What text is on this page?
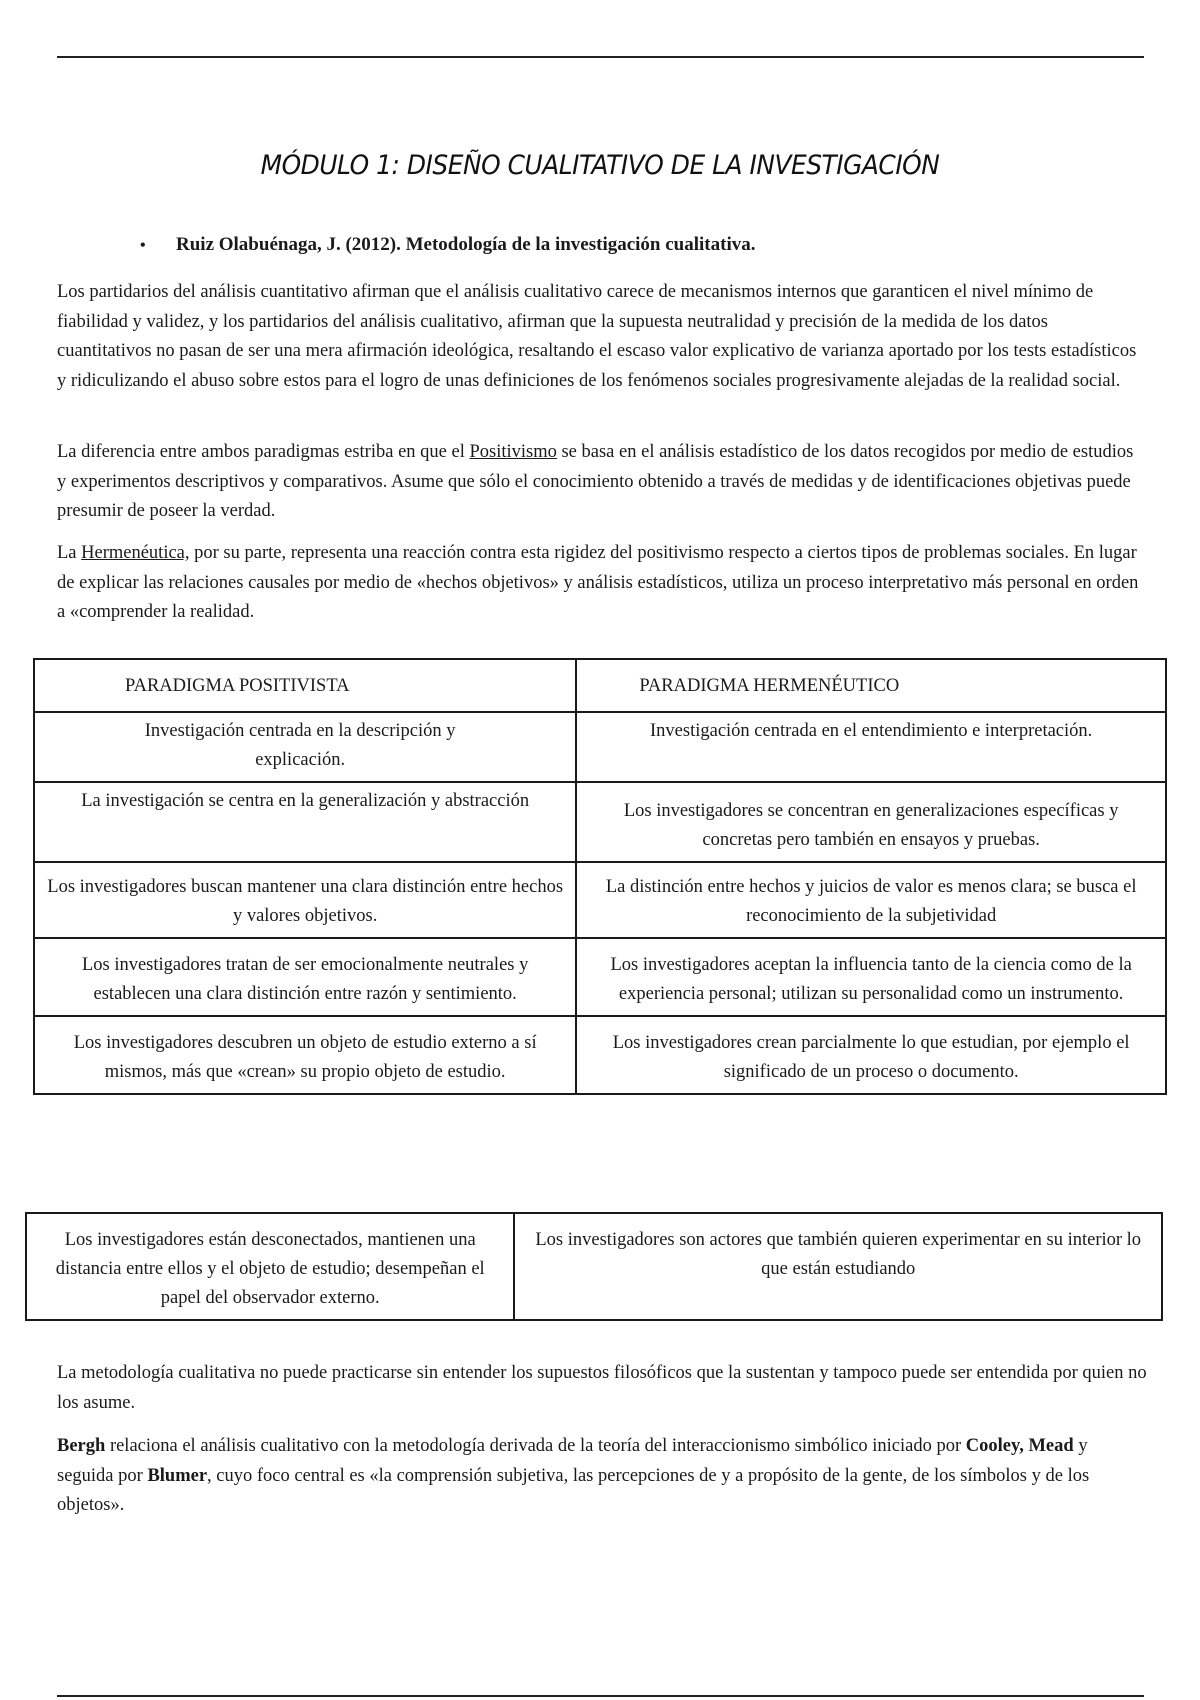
MÓDULO 1: DISEÑO CUALITATIVO DE LA INVESTIGACIÓN
• Ruiz Olabuénaga, J. (2012). Metodología de la investigación cualitativa.

Los partidarios del análisis cuantitativo afirman que el análisis cualitativo carece de mecanismos internos que garanticen el nivel mínimo de fiabilidad y validez, y los partidarios del análisis cualitativo, afirman que la supuesta neutralidad y precisión de la medida de los datos cuantitativos no pasan de ser una mera afirmación ideológica, resaltando el escaso valor explicativo de varianza aportado por los tests estadísticos y ridiculizando el abuso sobre estos para el logro de unas definiciones de los fenómenos sociales progresivamente alejadas de la realidad social.

La diferencia entre ambos paradigmas estriba en que el Positivismo se basa en el análisis estadístico de los datos recogidos por medio de estudios y experimentos descriptivos y comparativos. Asume que sólo el conocimiento obtenido a través de medidas y de identificaciones objetivas puede presumir de poseer la verdad.

La Hermenéutica, por su parte, representa una reacción contra esta rigidez del positivismo respecto a ciertos tipos de problemas sociales. En lugar de explicar las relaciones causales por medio de «hechos objetivos» y análisis estadísticos, utiliza un proceso interpretativo más personal en orden a «comprender la realidad.

PARADIGMA POSITIVISTA	PARADIGMA HERMENÉUTICO
Investigación centrada en la descripción y explicación.	Investigación centrada en el entendimiento e interpretación.
La investigación se centra en la generalización y abstracción	Los investigadores se concentran en generalizaciones específicas y concretas pero también en ensayos y pruebas.
Los investigadores buscan mantener una clara distinción entre hechos y valores objetivos.	La distinción entre hechos y juicios de valor es menos clara; se busca el reconocimiento de la subjetividad
Los investigadores tratan de ser emocionalmente neutrales y establecen una clara distinción entre razón y sentimiento.	Los investigadores aceptan la influencia tanto de la ciencia como de la experiencia personal; utilizan su personalidad como un instrumento.
Los investigadores descubren un objeto de estudio externo a sí mismos, más que «crean» su propio objeto de estudio.	Los investigadores crean parcialmente lo que estudian, por ejemplo el significado de un proceso o documento.
Los investigadores están desconectados, mantienen una distancia entre ellos y el objeto de estudio; desempeñan el papel del observador externo.	Los investigadores son actores que también quieren experimentar en su interior lo que están estudiando

La metodología cualitativa no puede practicarse sin entender los supuestos filosóficos que la sustentan y tampoco puede ser entendida por quien no los asume.

Bergh relaciona el análisis cualitativo con la metodología derivada de la teoría del interaccionismo simbólico iniciado por Cooley, Mead y seguida por Blumer, cuyo foco central es «la comprensión subjetiva, las percepciones de y a propósito de la gente, de los símbolos y de los objetos».
